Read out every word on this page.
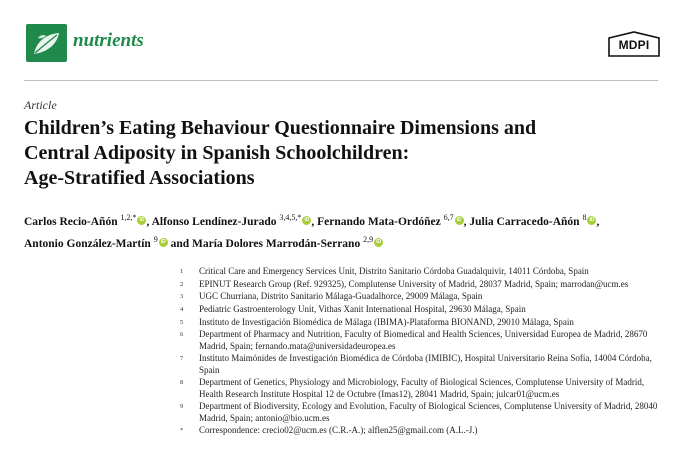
nutrients	MDPI
Article
Children’s Eating Behaviour Questionnaire Dimensions and
Central Adiposity in Spanish Schoolchildren:
Age-Stratified Associations
Carlos Recio-Añón $^{1,2,*}$ iD , Alfonso Lendínez-Jurado $^{3,4,5,*}$ iD , Fernando Mata-Ordóñez $^{6,7}$ iD , Julia Carracedo-Añón $^8$ iD ,
Antonio González-Martín $^9$iD and María Dolores Marrodán-Serrano $^{2,9}$iD
1	Critical Care and Emergency Services Unit, Distrito Sanitario Córdoba Guadalquivir, 14011 Córdoba, Spain
2	EPINUT Research Group (Ref. 929325), Complutense University of Madrid, 28037 Madrid, Spain; marrodan@ucm.es
3	UGC Churriana, Distrito Sanitario Málaga-Guadalhorce, 29009 Málaga, Spain
4	Pediatric Gastroenterology Unit, Vithas Xanit International Hospital, 29630 Málaga, Spain
5	Instituto de Investigación Biomédica de Málaga (IBIMA)-Plataforma BIONAND, 29010 Málaga, Spain
6	Department of Pharmacy and Nutrition, Faculty of Biomedical and Health Sciences, Universidad Europea de Madrid, 28670 Madrid, Spain; fernando.mata@universidadeuropea.es
7	Instituto Maimónides de Investigación Biomédica de Córdoba (IMIBIC), Hospital Universitario Reina Sofía, 14004 Córdoba, Spain
8	Department of Genetics, Physiology and Microbiology, Faculty of Biological Sciences, Complutense University of Madrid, Health Research Institute Hospital 12 de Octubre (Imas12), 28041 Madrid, Spain; julcar01@ucm.es
9	Department of Biodiversity, Ecology and Evolution, Faculty of Biological Sciences, Complutense University of Madrid, 28040 Madrid, Spain; antonio@bio.ucm.es
*	Correspondence: crecio02@ucm.es (C.R.-A.); alflen25@gmail.com (A.L.-J.)
